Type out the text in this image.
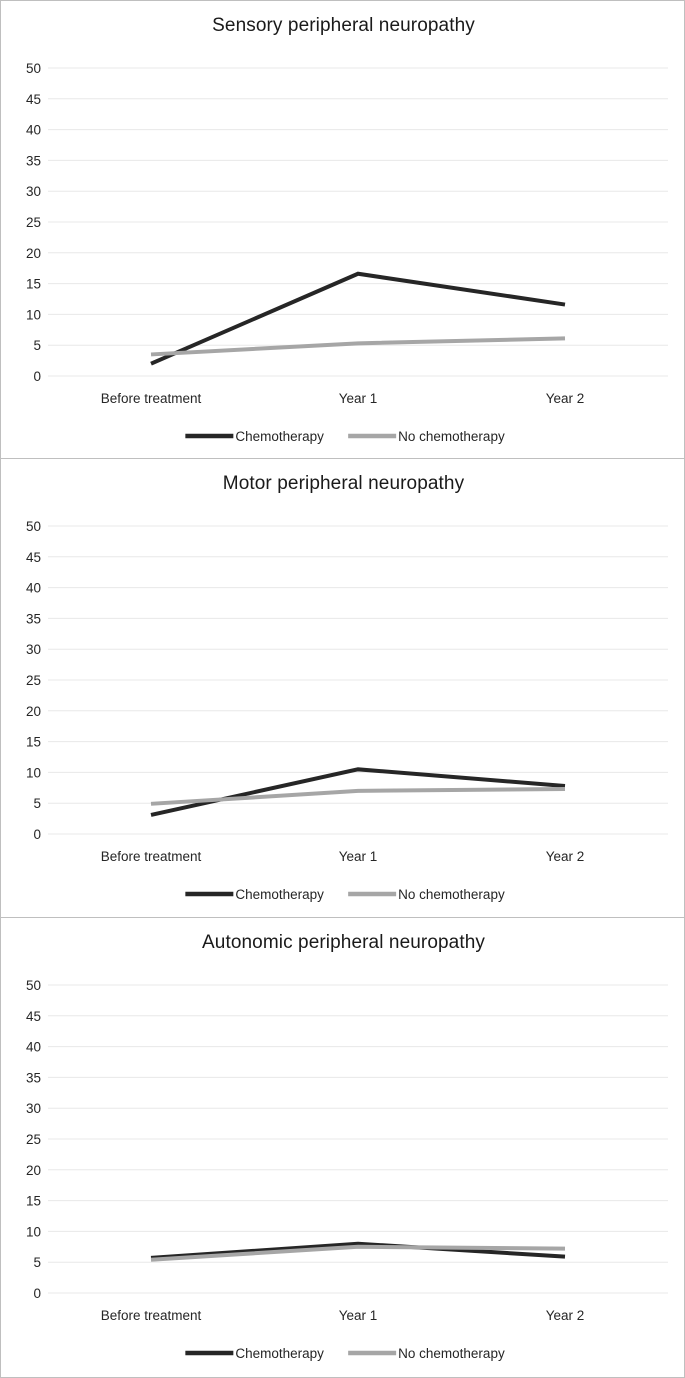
Sensory peripheral neuropathy
0
5
10
15
20
25
30
35
40
45
50
Before treatment	Year 1	Year 2
Chemotherapy	No chemotherapy
Motor peripheral neuropathy
0
5
10
15
20
25
30
35
40
45
50
Before treatment	Year 1	Year 2
Chemotherapy	No chemotherapy
Autonomic peripheral neuropathy
0
5
10
15
20
25
30
35
40
45
50
Before treatment	Year 1	Year 2
Chemotherapy	No chemotherapy
